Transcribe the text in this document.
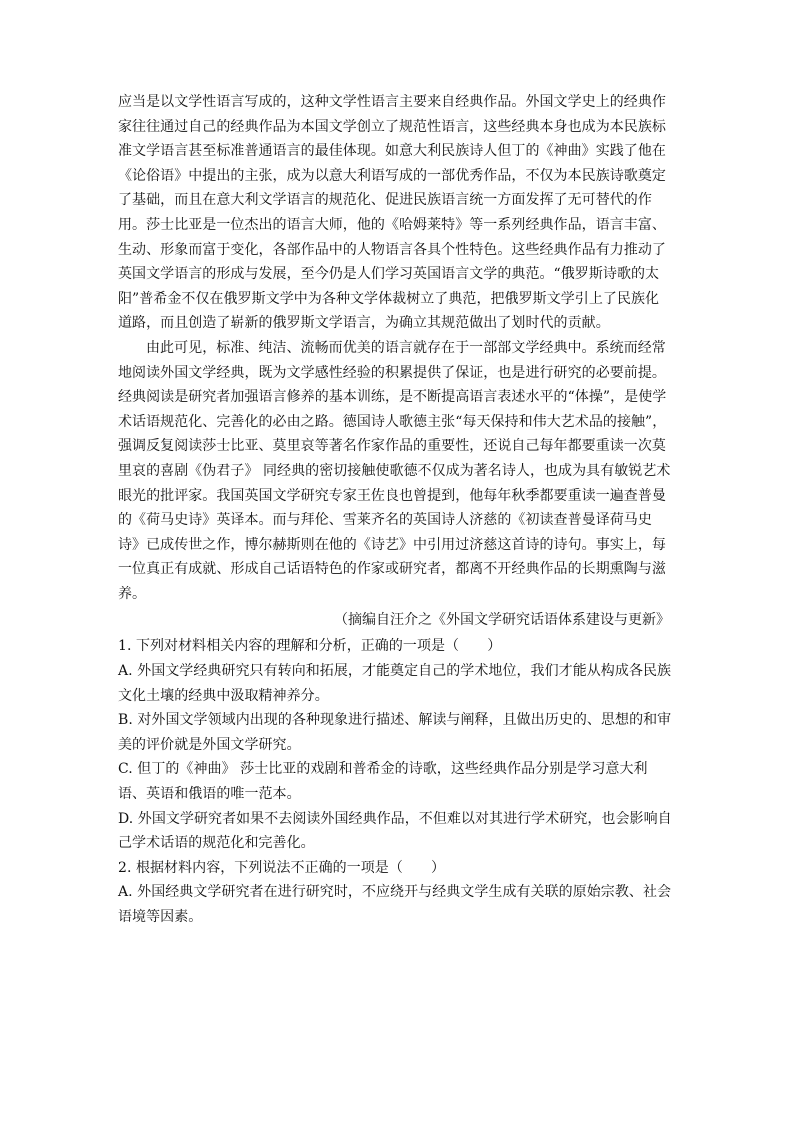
应当是以文学性语言写成的，这种文学性语言主要来自经典作品。外国文学史上的经典作
家往往通过自己的经典作品为本国文学创立了规范性语言，这些经典本身也成为本民族标
准文学语言甚至标准普通语言的最佳体现。如意大利民族诗人但丁的《神曲》实践了他在
《论俗语》中提出的主张，成为以意大利语写成的一部优秀作品，不仅为本民族诗歌奠定
了基础，而且在意大利文学语言的规范化、促进民族语言统一方面发挥了无可替代的作
用。莎士比亚是一位杰出的语言大师，他的《哈姆莱特》等一系列经典作品，语言丰富、
生动、形象而富于变化，各部作品中的人物语言各具个性特色。这些经典作品有力推动了
英国文学语言的形成与发展，至今仍是人们学习英国语言文学的典范。“俄罗斯诗歌的太
阳”普希金不仅在俄罗斯文学中为各种文学体裁树立了典范，把俄罗斯文学引上了民族化
道路，而且创造了崭新的俄罗斯文学语言，为确立其规范做出了划时代的贡献。
由此可见，标准、纯洁、流畅而优美的语言就存在于一部部文学经典中。系统而经常
地阅读外国文学经典，既为文学感性经验的积累提供了保证，也是进行研究的必要前提。
经典阅读是研究者加强语言修养的基本训练，是不断提高语言表述水平的“体操”，是使学
术话语规范化、完善化的必由之路。德国诗人歌德主张“每天保持和伟大艺术品的接触”，
强调反复阅读莎士比亚、莫里哀等著名作家作品的重要性，还说自己每年都要重读一次莫
里哀的喜剧《伪君子》 同经典的密切接触使歌德不仅成为著名诗人，也成为具有敏锐艺术
眼光的批评家。我国英国文学研究专家王佐良也曾提到，他每年秋季都要重读一遍查普曼
的《荷马史诗》英译本。而与拜伦、雪莱齐名的英国诗人济慈的《初读查普曼译荷马史
诗》已成传世之作，博尔赫斯则在他的《诗艺》中引用过济慈这首诗的诗句。事实上，每
一位真正有成就、形成自己话语特色的作家或研究者，都离不开经典作品的长期熏陶与滋
养。
（摘编自汪介之《外国文学研究话语体系建设与更新》
1. 下列对材料相关内容的理解和分析，正确的一项是（　　）
A. 外国文学经典研究只有转向和拓展，才能奠定自己的学术地位，我们才能从构成各民族
文化土壤的经典中汲取精神养分。
B. 对外国文学领域内出现的各种现象进行描述、解读与阐释，且做出历史的、思想的和审
美的评价就是外国文学研究。
C. 但丁的《神曲》 莎士比亚的戏剧和普希金的诗歌，这些经典作品分别是学习意大利
语、英语和俄语的唯一范本。
D. 外国文学研究者如果不去阅读外国经典作品，不但难以对其进行学术研究，也会影响自
己学术话语的规范化和完善化。
2. 根据材料内容，下列说法不正确的一项是（　　）
A. 外国经典文学研究者在进行研究时，不应绕开与经典文学生成有关联的原始宗教、社会
语境等因素。
